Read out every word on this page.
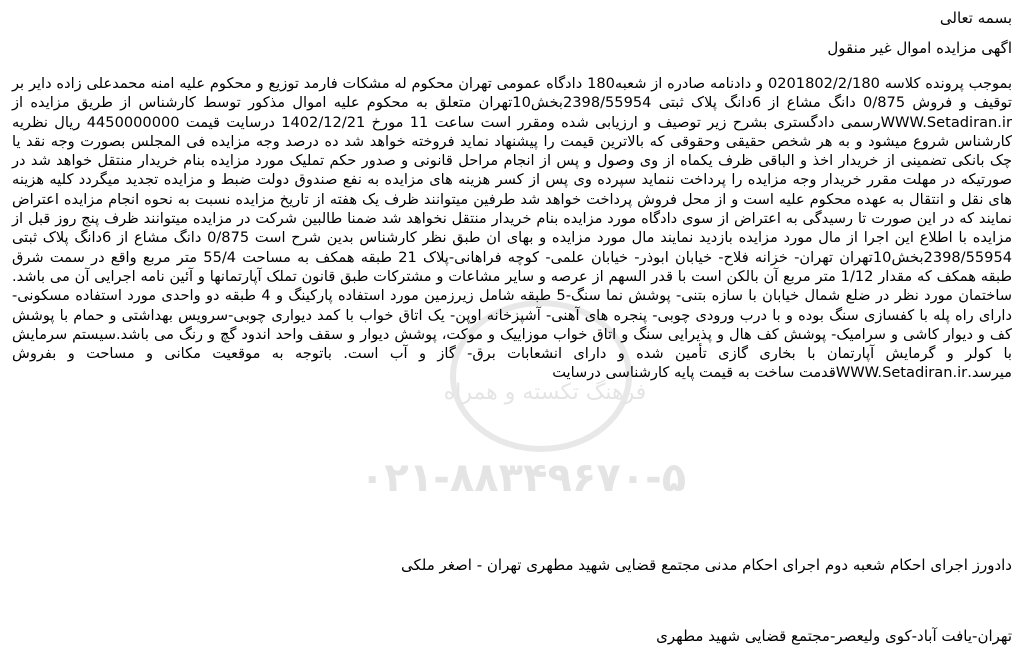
فرهنگ تکسته و همراه
۰۲۱-۸۸۳۴۹۶۷۰-۵
بسمه تعالی
اگهی مزایده اموال غیر منقول
بموجب پرونده کلاسه 0201802/2/180 و دادنامه صادره از شعبه180 دادگاه عمومی تهران محکوم له مشکات فارمد توزیع و محکوم علیه امنه محمدعلی زاده دایر بر توقیف و فروش 0/875 دانگ مشاع از 6دانگ پلاک ثبتی 2398/55954بخش10تهران متعلق به محکوم علیه اموال مذکور توسط کارشناس از طریق مزایده از WWW.Setadiran.irرسمی دادگستری بشرح زیر توصیف و ارزیابی شده ومقرر است ساعت 11 مورخ 1402/12/21 درسایت قیمت 4450000000 ریال نظریه کارشناس شروع میشود و به هر شخص حقیقی وحقوقی که بالاترین قیمت را پیشنهاد نماید فروخته خواهد شد ده درصد وجه مزایده فی المجلس بصورت وجه نقد یا چک بانکی تضمینی از خریدار اخذ و الباقی ظرف یکماه از وی وصول و پس از انجام مراحل قانونی و صدور حکم تملیک مورد مزایده بنام خریدار منتقل خواهد شد در صورتیکه در مهلت مقرر خریدار وجه مزایده را پرداخت ننماید سپرده وی پس از کسر هزینه های مزایده به نفع صندوق دولت ضبط و مزایده تجدید میگردد کلیه هزینه های نقل و انتقال به عهده محکوم علیه است و از محل فروش پرداخت خواهد شد طرفین میتوانند ظرف یک هفته از تاریخ مزایده نسبت به نحوه انجام مزایده اعتراض نمایند که در این صورت تا رسیدگی به اعتراض از سوی دادگاه مورد مزایده بنام خریدار منتقل نخواهد شد ضمنا طالبین شرکت در مزایده میتوانند ظرف پنج روز قبل از مزایده با اطلاع این اجرا از مال مورد مزایده بازدید نمایند مال مورد مزایده و بهای ان طبق نظر کارشناس بدین شرح است 0/875 دانگ مشاع از 6دانگ پلاک ثبتی 2398/55954بخش10تهران تهران- خزانه فلاح- خیابان ابوذر- خیابان علمی- کوچه فراهانی-پلاک 21 طبقه همکف به مساحت 55/4 متر مربع واقع در سمت شرق طبقه همکف که مقدار 1/12 متر مربع آن بالکن است با قدر السهم از عرصه و سایر مشاعات و مشترکات طبق قانون تملک آپارتمانها و آئین نامه اجرایی آن می باشد. ساختمان مورد نظر در ضلع شمال خیابان با سازه بتنی- پوشش نما سنگ-5 طبقه شامل زیرزمین مورد استفاده پارکینگ و 4 طبقه دو واحدی مورد استفاده مسکونی- دارای راه پله با کفسازی سنگ بوده و با درب ورودی چوبی- پنجره های آهنی- آشپزخانه اوپن- یک اتاق خواب با کمد دیواری چوبی-سرویس بهداشتی و حمام با پوشش کف و دیوار کاشی و سرامیک- پوشش کف هال و پذیرایی سنگ و اتاق خواب موزاییک و موکت، پوشش دیوار و سقف واحد اندود گچ و رنگ می باشد.سیستم سرمایش با کولر و گرمایش آپارتمان با بخاری گازی تأمین شده و دارای انشعابات برق- گاز و آب است. باتوجه به موقعیت مکانی و مساحت و بفروش میرسد.WWW.Setadiran.irقدمت ساخت به قیمت پایه کارشناسی درسایت
دادورز اجرای احکام شعبه دوم اجرای احکام مدنی مجتمع قضایی شهید مطهری تهران - اصغر ملکی
تهران-یافت آباد-کوی ولیعصر-مجتمع قضایی شهید مطهری
